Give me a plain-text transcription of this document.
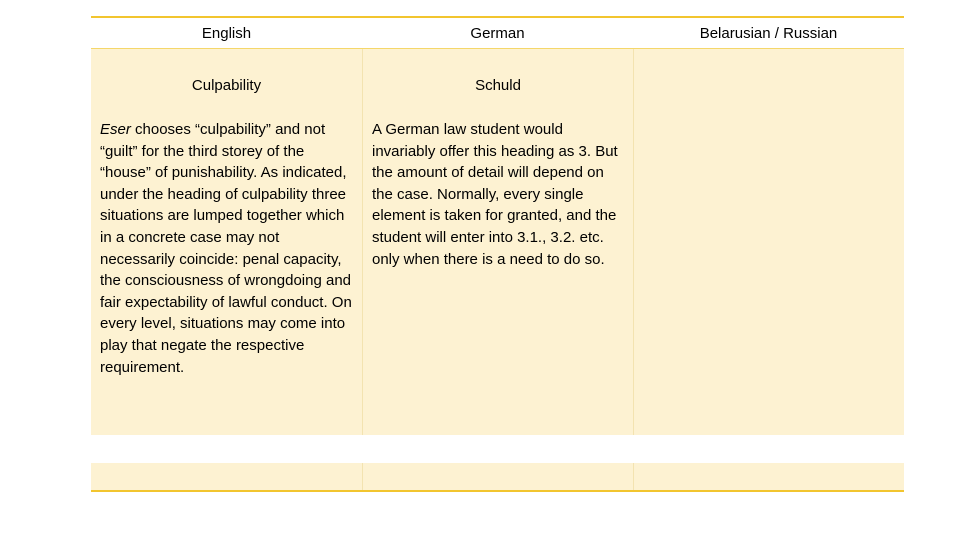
English	German	Belarusian / Russian
Culpability
Eser chooses “culpability” and not “guilt” for the third storey of the “house” of punishability. As indicated, under the heading of culpability three situations are lumped together which in a concrete case may not necessarily coincide: penal capacity, the consciousness of wrongdoing and fair expectability of lawful conduct. On every level, situations may come into play that negate the respective requirement.
Schuld
A German law student would invariably offer this heading as 3. But the amount of detail will depend on the case. Normally, every single element is taken for granted, and the student will enter into 3.1., 3.2. etc. only when there is a need to do so.
